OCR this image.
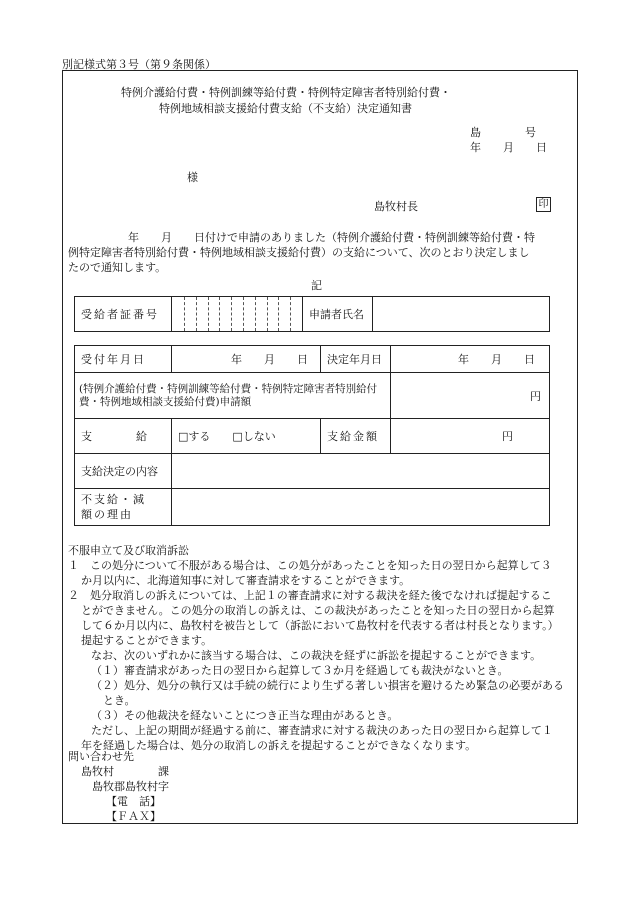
別記様式第３号（第９条関係）
特例介護給付費・特例訓練等給付費・特例特定障害者特別給付費・
特例地域相談支援給付費支給（不支給）決定通知書
島　　　　号
年　　月　　日
様
島牧村長	印
年　　月　　日付けで申請のありました（特例介護給付費・特例訓練等給付費・特
例特定障害者特別給付費・特例地域相談支援給付費）の支給について、次のとおり決定しまし
たので通知します。
記
受給者証番号		申請者氏名	
受付年月日	年　　月　　日	決定年月日	年　　月　　日
(特例介護給付費・特例訓練等給付費・特例特定障害者特別給付費・特例地域相談支援給付費)申請額			円
支　　　　給	□する　　□しない	支給金額	円
支給決定の内容			

不支給・減
額の理由			

不服申立て及び取消訴訟
１　この処分について不服がある場合は、この処分があったことを知った日の翌日から起算して３
か月以内に、北海道知事に対して審査請求をすることができます。
２　処分取消しの訴えについては、上記１の審査請求に対する裁決を経た後でなければ提起するこ
とができません。この処分の取消しの訴えは、この裁決があったことを知った日の翌日から起算
して６か月以内に、島牧村を被告として（訴訟において島牧村を代表する者は村長となります。）
提起することができます。
なお、次のいずれかに該当する場合は、この裁決を経ずに訴訟を提起することができます。
（１）審査請求があった日の翌日から起算して３か月を経過しても裁決がないとき。
（２）処分、処分の執行又は手続の続行により生ずる著しい損害を避けるため緊急の必要がある
とき。
（３）その他裁決を経ないことにつき正当な理由があるとき。
ただし、上記の期間が経過する前に、審査請求に対する裁決のあった日の翌日から起算して１
年を経過した場合は、処分の取消しの訴えを提起することができなくなります。
問い合わせ先
島牧村　　　　課
島牧郡島牧村字
【電　話】
【ＦＡＸ】
